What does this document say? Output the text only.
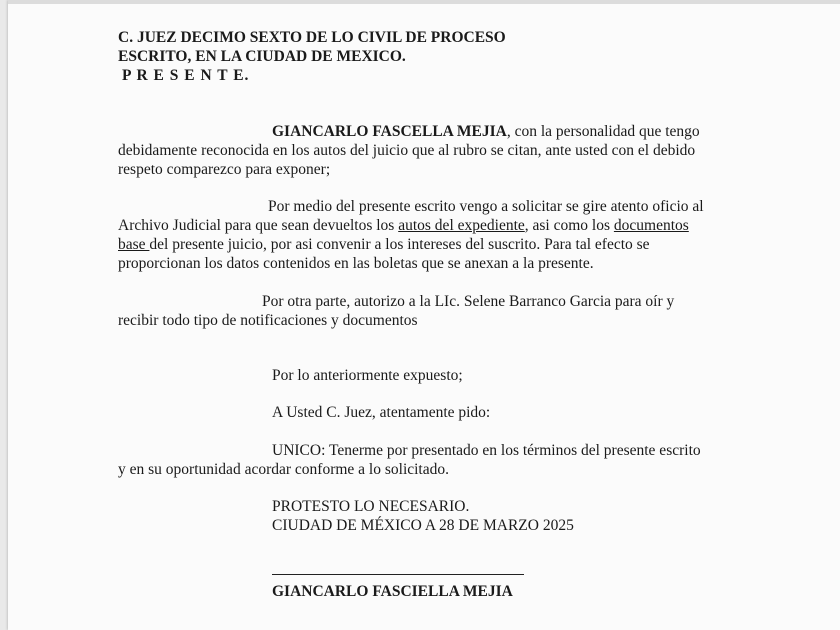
C. JUEZ DECIMO SEXTO DE LO CIVIL DE PROCESO
ESCRITO, EN LA CIUDAD DE MEXICO.
P R E S E N T E.
GIANCARLO FASCELLA MEJIA, con la personalidad que tengo
debidamente reconocida en los autos del juicio que al rubro se citan, ante usted con el debido
respeto comparezco para exponer;
Por medio del presente escrito vengo a solicitar se gire atento oficio al
Archivo Judicial para que sean devueltos los autos del expediente, asi como los documentos
base del presente juicio, por asi convenir a los intereses del suscrito. Para tal efecto se
proporcionan los datos contenidos en las boletas que se anexan a la presente.
Por otra parte, autorizo a la LIc. Selene Barranco Garcia para oír y
recibir todo tipo de notificaciones y documentos
Por lo anteriormente expuesto;
A Usted C. Juez, atentamente pido:
UNICO: Tenerme por presentado en los términos del presente escrito
y en su oportunidad acordar conforme a lo solicitado.
PROTESTO LO NECESARIO.
CIUDAD DE MÉXICO A 28 DE MARZO 2025
GIANCARLO FASCIELLA MEJIA
